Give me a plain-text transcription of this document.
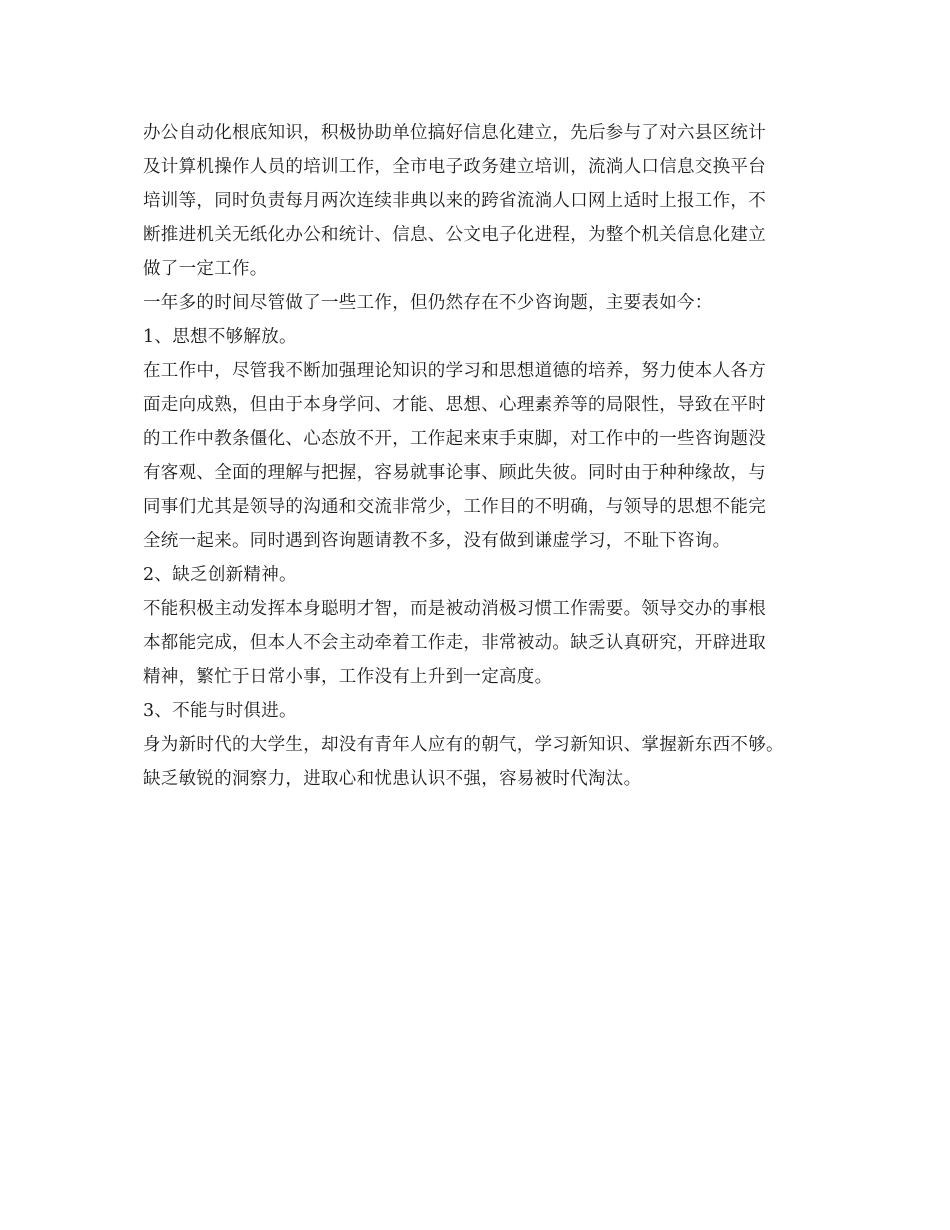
办公自动化根底知识，积极协助单位搞好信息化建立，先后参与了对六县区统计
及计算机操作人员的培训工作，全市电子政务建立培训，流淌人口信息交换平台
培训等，同时负责每月两次连续非典以来的跨省流淌人口网上适时上报工作，不
断推进机关无纸化办公和统计、信息、公文电子化进程，为整个机关信息化建立
做了一定工作。
一年多的时间尽管做了一些工作，但仍然存在不少咨询题，主要表如今：
1、思想不够解放。
在工作中，尽管我不断加强理论知识的学习和思想道德的培养，努力使本人各方
面走向成熟，但由于本身学问、才能、思想、心理素养等的局限性，导致在平时
的工作中教条僵化、心态放不开，工作起来束手束脚，对工作中的一些咨询题没
有客观、全面的理解与把握，容易就事论事、顾此失彼。同时由于种种缘故，与
同事们尤其是领导的沟通和交流非常少，工作目的不明确，与领导的思想不能完
全统一起来。同时遇到咨询题请教不多，没有做到谦虚学习，不耻下咨询。
2、缺乏创新精神。
不能积极主动发挥本身聪明才智，而是被动消极习惯工作需要。领导交办的事根
本都能完成，但本人不会主动牵着工作走，非常被动。缺乏认真研究，开辟进取
精神，繁忙于日常小事，工作没有上升到一定高度。
3、不能与时俱进。
身为新时代的大学生，却没有青年人应有的朝气，学习新知识、掌握新东西不够。
缺乏敏锐的洞察力，进取心和忧患认识不强，容易被时代淘汰。
